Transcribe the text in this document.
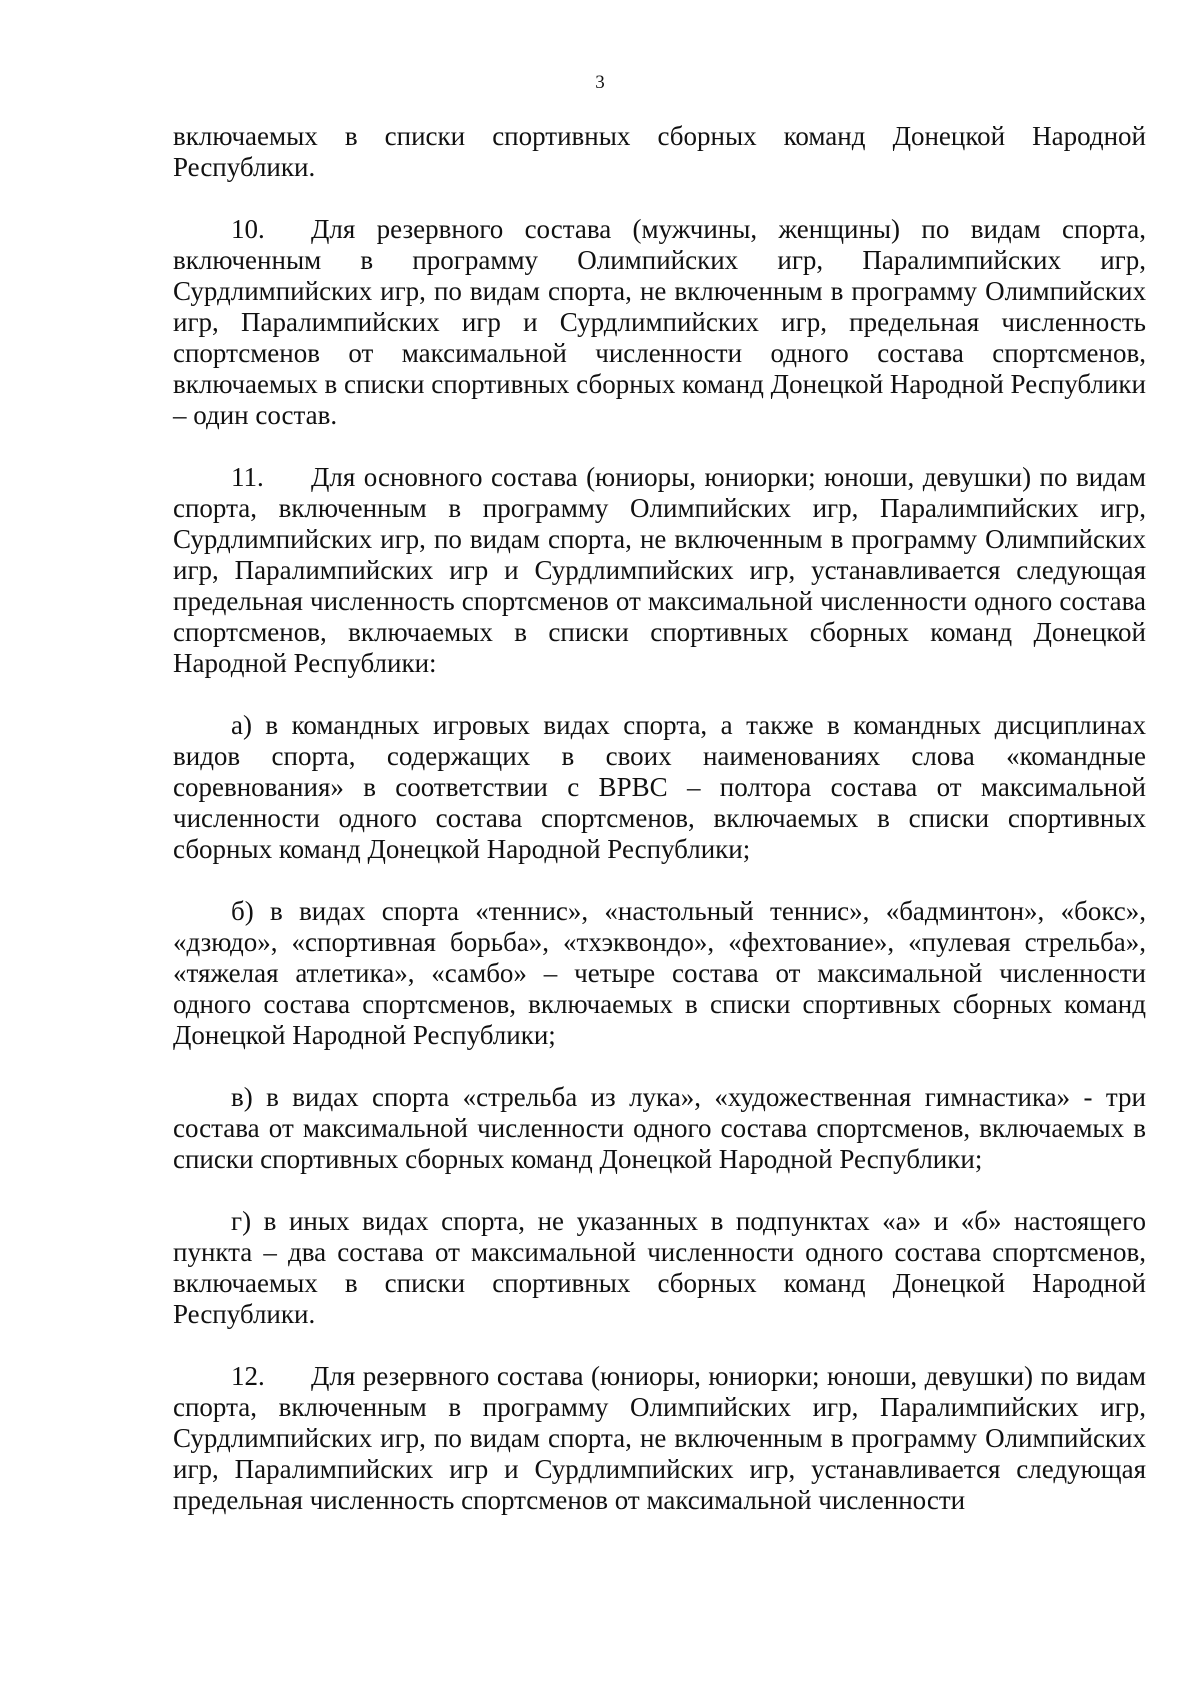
3

включаемых в списки спортивных сборных команд Донецкой Народной Республики.

10. Для резервного состава (мужчины, женщины) по видам спорта, включенным в программу Олимпийских игр, Паралимпийских игр, Сурдлимпийских игр, по видам спорта, не включенным в программу Олимпийских игр, Паралимпийских игр и Сурдлимпийских игр, предельная численность спортсменов от максимальной численности одного состава спортсменов, включаемых в списки спортивных сборных команд Донецкой Народной Республики – один состав.

11. Для основного состава (юниоры, юниорки; юноши, девушки) по видам спорта, включенным в программу Олимпийских игр, Паралимпийских игр, Сурдлимпийских игр, по видам спорта, не включенным в программу Олимпийских игр, Паралимпийских игр и Сурдлимпийских игр, устанавливается следующая предельная численность спортсменов от максимальной численности одного состава спортсменов, включаемых в списки спортивных сборных команд Донецкой Народной Республики:

а) в командных игровых видах спорта, а также в командных дисциплинах видов спорта, содержащих в своих наименованиях слова «командные соревнования» в соответствии с ВРВС – полтора состава от максимальной численности одного состава спортсменов, включаемых в списки спортивных сборных команд Донецкой Народной Республики;

б) в видах спорта «теннис», «настольный теннис», «бадминтон», «бокс», «дзюдо», «спортивная борьба», «тхэквондо», «фехтование», «пулевая стрельба», «тяжелая атлетика», «самбо» – четыре состава от максимальной численности одного состава спортсменов, включаемых в списки спортивных сборных команд Донецкой Народной Республики;

в) в видах спорта «стрельба из лука», «художественная гимнастика» - три состава от максимальной численности одного состава спортсменов, включаемых в списки спортивных сборных команд Донецкой Народной Республики;

г) в иных видах спорта, не указанных в подпунктах «а» и «б» настоящего пункта – два состава от максимальной численности одного состава спортсменов, включаемых в списки спортивных сборных команд Донецкой Народной Республики.

12. Для резервного состава (юниоры, юниорки; юноши, девушки) по видам спорта, включенным в программу Олимпийских игр, Паралимпийских игр, Сурдлимпийских игр, по видам спорта, не включенным в программу Олимпийских игр, Паралимпийских игр и Сурдлимпийских игр, устанавливается следующая предельная численность спортсменов от максимальной численности
